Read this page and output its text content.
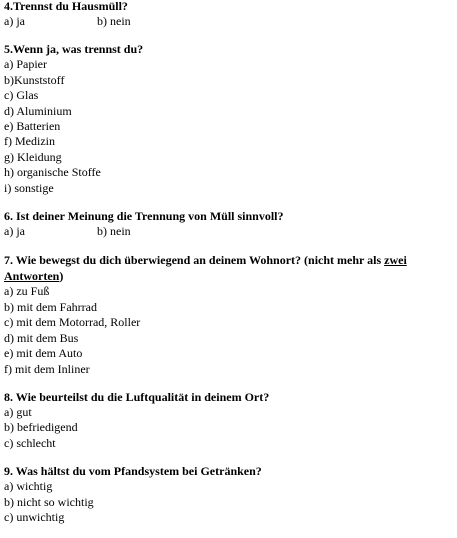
4.Trennst du Hausmüll?

a) ja	b) nein

5.Wenn ja, was trennst du?

a) Papier
b)Kunststoff
c) Glas
d) Aluminium
e) Batterien
f) Medizin
g) Kleidung
h) organische Stoffe
i) sonstige

6. Ist deiner Meinung die Trennung von Müll sinnvoll?

a) ja	b) nein

7. Wie bewegst du dich überwiegend an deinem Wohnort? (nicht mehr als zwei
Antworten)

a) zu Fuß
b) mit dem Fahrrad
c) mit dem Motorrad, Roller
d) mit dem Bus
e) mit dem Auto
f) mit dem Inliner

8. Wie beurteilst du die Luftqualität in deinem Ort?

a) gut
b) befriedigend
c) schlecht

9. Was hältst du vom Pfandsystem bei Getränken?

a) wichtig
b) nicht so wichtig
c) unwichtig
